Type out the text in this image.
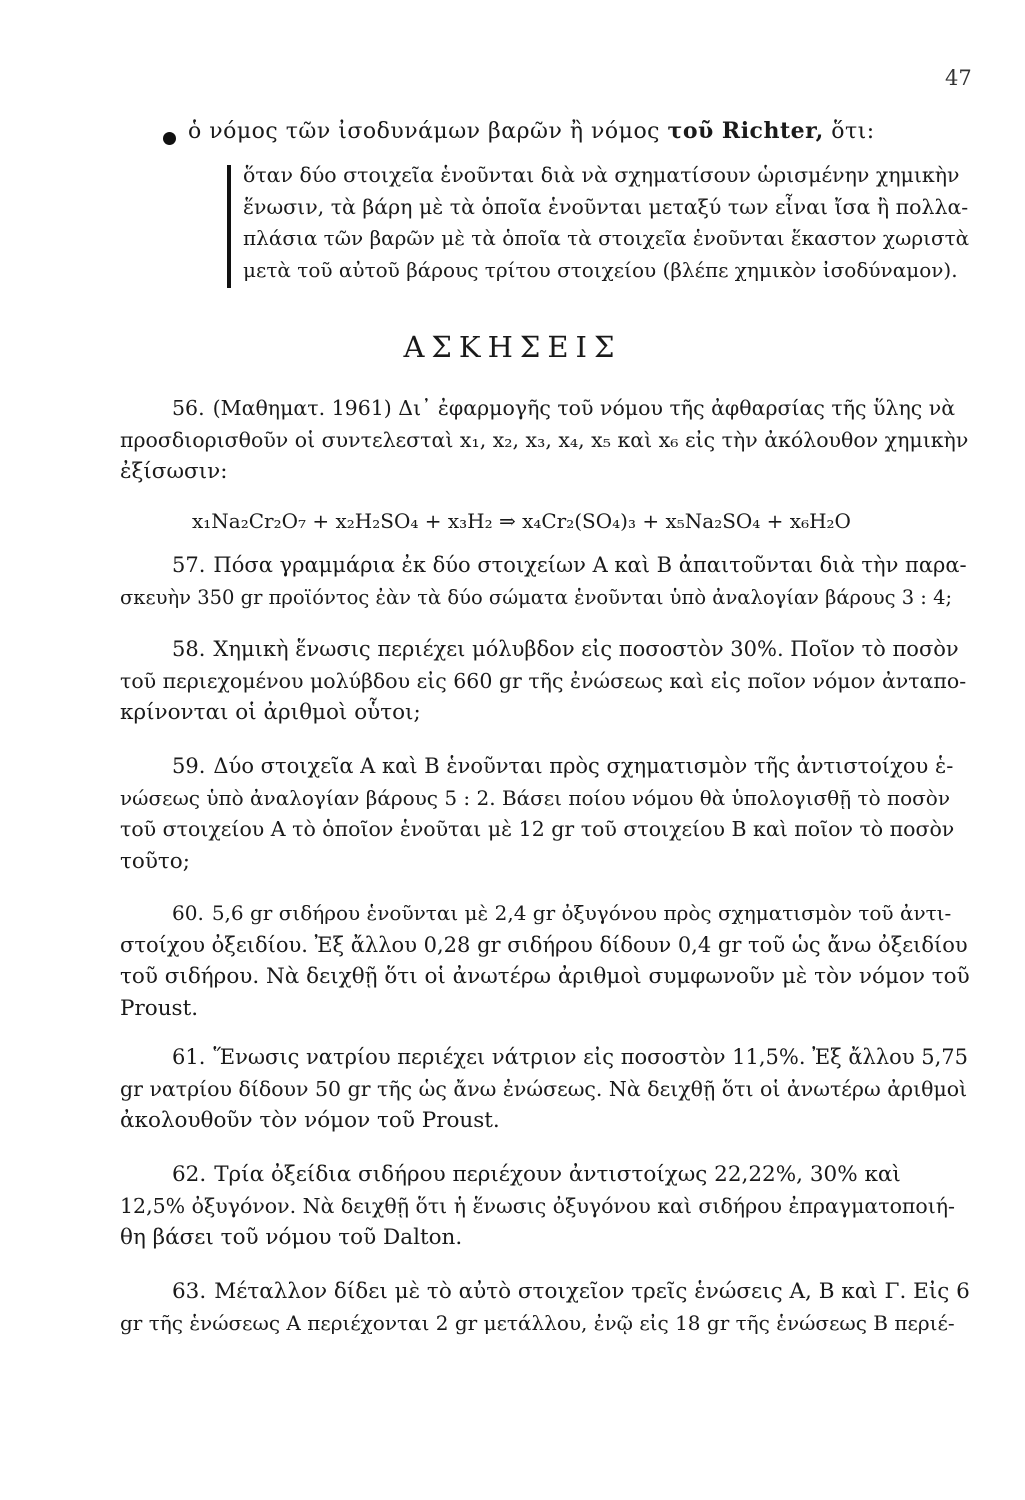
47
ὁ νόμος τῶν ἰσοδυνάμων βαρῶν ἢ νόμος τοῦ Richter, ὅτι:
ὅταν δύο στοιχεῖα ἑνοῦνται διὰ νὰ σχηματίσουν ὡρισμένην χημικὴν
ἕνωσιν, τὰ βάρη μὲ τὰ ὁποῖα ἑνοῦνται μεταξύ των εἶναι ἴσα ἢ πολλα-
πλάσια τῶν βαρῶν μὲ τὰ ὁποῖα τὰ στοιχεῖα ἑνοῦνται ἕκαστον χωριστὰ
μετὰ τοῦ αὐτοῦ βάρους τρίτου στοιχείου (βλέπε χημικὸν ἰσοδύναμον).
ΑΣΚΗΣΕΙΣ
56. (Μαθηματ. 1961) Δι᾿ ἐφαρμογῆς τοῦ νόμου τῆς ἀφθαρσίας τῆς ὕλης νὰ
προσδιορισθοῦν οἱ συντελεσταὶ x₁, x₂, x₃, x₄, x₅ καὶ x₆ εἰς τὴν ἀκόλουθον χημικὴν
ἐξίσωσιν:
x₁Na₂Cr₂O₇ + x₂H₂SO₄ + x₃H₂ ⇒ x₄Cr₂(SO₄)₃ + x₅Na₂SO₄ + x₆H₂O
57. Πόσα γραμμάρια ἐκ δύο στοιχείων Α καὶ Β ἀπαιτοῦνται διὰ τὴν παρα-
σκευὴν 350 gr προϊόντος ἐὰν τὰ δύο σώματα ἑνοῦνται ὑπὸ ἀναλογίαν βάρους 3 : 4;
58. Χημικὴ ἕνωσις περιέχει μόλυβδον εἰς ποσοστὸν 30%. Ποῖον τὸ ποσὸν
τοῦ περιεχομένου μολύβδου εἰς 660 gr τῆς ἐνώσεως καὶ εἰς ποῖον νόμον ἀνταπο-
κρίνονται οἱ ἀριθμοὶ οὗτοι;
59. Δύο στοιχεῖα Α καὶ Β ἑνοῦνται πρὸς σχηματισμὸν τῆς ἀντιστοίχου ἑ-
νώσεως ὑπὸ ἀναλογίαν βάρους 5 : 2. Βάσει ποίου νόμου θὰ ὑπολογισθῇ τὸ ποσὸν
τοῦ στοιχείου Α τὸ ὁποῖον ἑνοῦται μὲ 12 gr τοῦ στοιχείου Β καὶ ποῖον τὸ ποσὸν
τοῦτο;
60. 5,6 gr σιδήρου ἑνοῦνται μὲ 2,4 gr ὀξυγόνου πρὸς σχηματισμὸν τοῦ ἀντι-
στοίχου ὀξειδίου. Ἐξ ἄλλου 0,28 gr σιδήρου δίδουν 0,4 gr τοῦ ὡς ἄνω ὀξειδίου
τοῦ σιδήρου. Νὰ δειχθῇ ὅτι οἱ ἀνωτέρω ἀριθμοὶ συμφωνοῦν μὲ τὸν νόμον τοῦ
Proust.
61. Ἕνωσις νατρίου περιέχει νάτριον εἰς ποσοστὸν 11,5%. Ἐξ ἄλλου 5,75
gr νατρίου δίδουν 50 gr τῆς ὡς ἄνω ἐνώσεως. Νὰ δειχθῇ ὅτι οἱ ἀνωτέρω ἀριθμοὶ
ἀκολουθοῦν τὸν νόμον τοῦ Proust.
62. Τρία ὀξείδια σιδήρου περιέχουν ἀντιστοίχως 22,22%, 30% καὶ
12,5% ὀξυγόνον. Νὰ δειχθῇ ὅτι ἡ ἕνωσις ὀξυγόνου καὶ σιδήρου ἐπραγματοποιή-
θη βάσει τοῦ νόμου τοῦ Dalton.
63. Μέταλλον δίδει μὲ τὸ αὐτὸ στοιχεῖον τρεῖς ἑνώσεις Α, Β καὶ Γ. Εἰς 6
gr τῆς ἑνώσεως Α περιέχονται 2 gr μετάλλου, ἐνῷ εἰς 18 gr τῆς ἑνώσεως Β περιέ-
